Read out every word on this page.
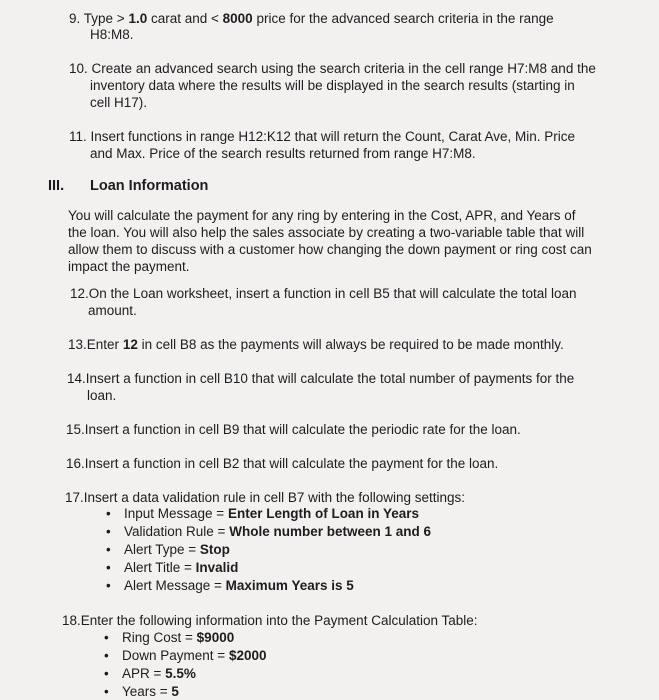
9. Type > 1.0 carat and < 8000 price for the advanced search criteria in the range
H8:M8.
10. Create an advanced search using the search criteria in the cell range H7:M8 and the
inventory data where the results will be displayed in the search results (starting in
cell H17).
11. Insert functions in range H12:K12 that will return the Count, Carat Ave, Min. Price
and Max. Price of the search results returned from range H7:M8.
III. Loan Information
You will calculate the payment for any ring by entering in the Cost, APR, and Years of
the loan. You will also help the sales associate by creating a two-variable table that will
allow them to discuss with a customer how changing the down payment or ring cost can
impact the payment.
12.On the Loan worksheet, insert a function in cell B5 that will calculate the total loan
amount.
13.Enter 12 in cell B8 as the payments will always be required to be made monthly.
14.Insert a function in cell B10 that will calculate the total number of payments for the
loan.
15.Insert a function in cell B9 that will calculate the periodic rate for the loan.
16.Insert a function in cell B2 that will calculate the payment for the loan.
17.Insert a data validation rule in cell B7 with the following settings:
• Input Message = Enter Length of Loan in Years
• Validation Rule = Whole number between 1 and 6
• Alert Type = Stop
• Alert Title = Invalid
• Alert Message = Maximum Years is 5
18.Enter the following information into the Payment Calculation Table:
• Ring Cost = $9000
• Down Payment = $2000
• APR = 5.5%
• Years = 5
